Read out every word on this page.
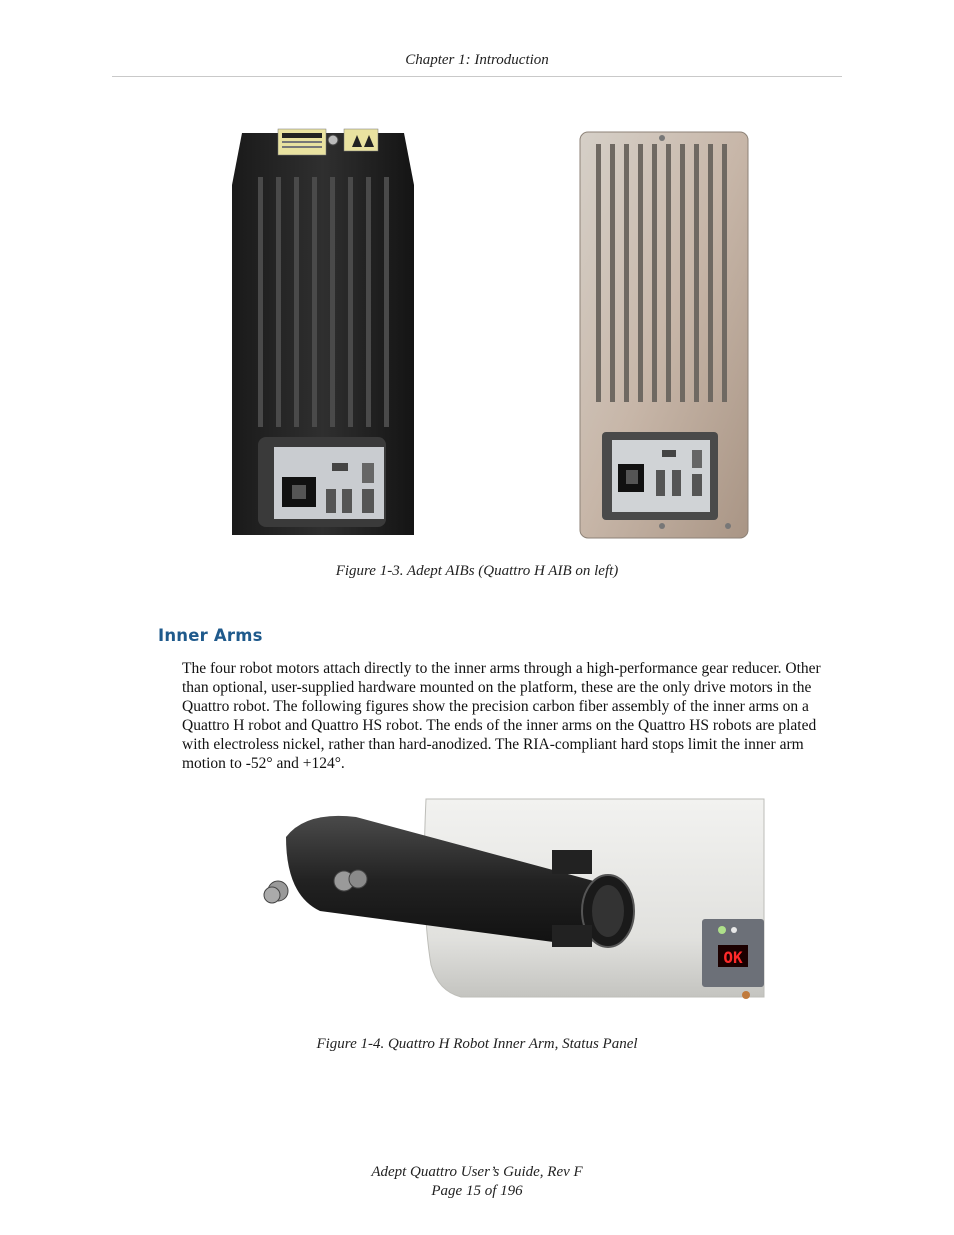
Chapter 1: Introduction
Figure 1-3. Adept AIBs (Quattro H AIB on left)
Inner Arms

The four robot motors attach directly to the inner arms through a high-performance gear reducer. Other than optional, user-supplied hardware mounted on the platform, these are the only drive motors in the Quattro robot. The following figures show the precision carbon fiber assembly of the inner arms on a Quattro H robot and Quattro HS robot. The ends of the inner arms on the Quattro HS robots are plated with electroless nickel, rather than hard-anodized. The RIA-compliant hard stops limit the inner arm motion to -52° and +124°.

OK
Figure 1-4. Quattro H Robot Inner Arm, Status Panel
Adept Quattro User’s Guide, Rev F
Page 15 of 196
